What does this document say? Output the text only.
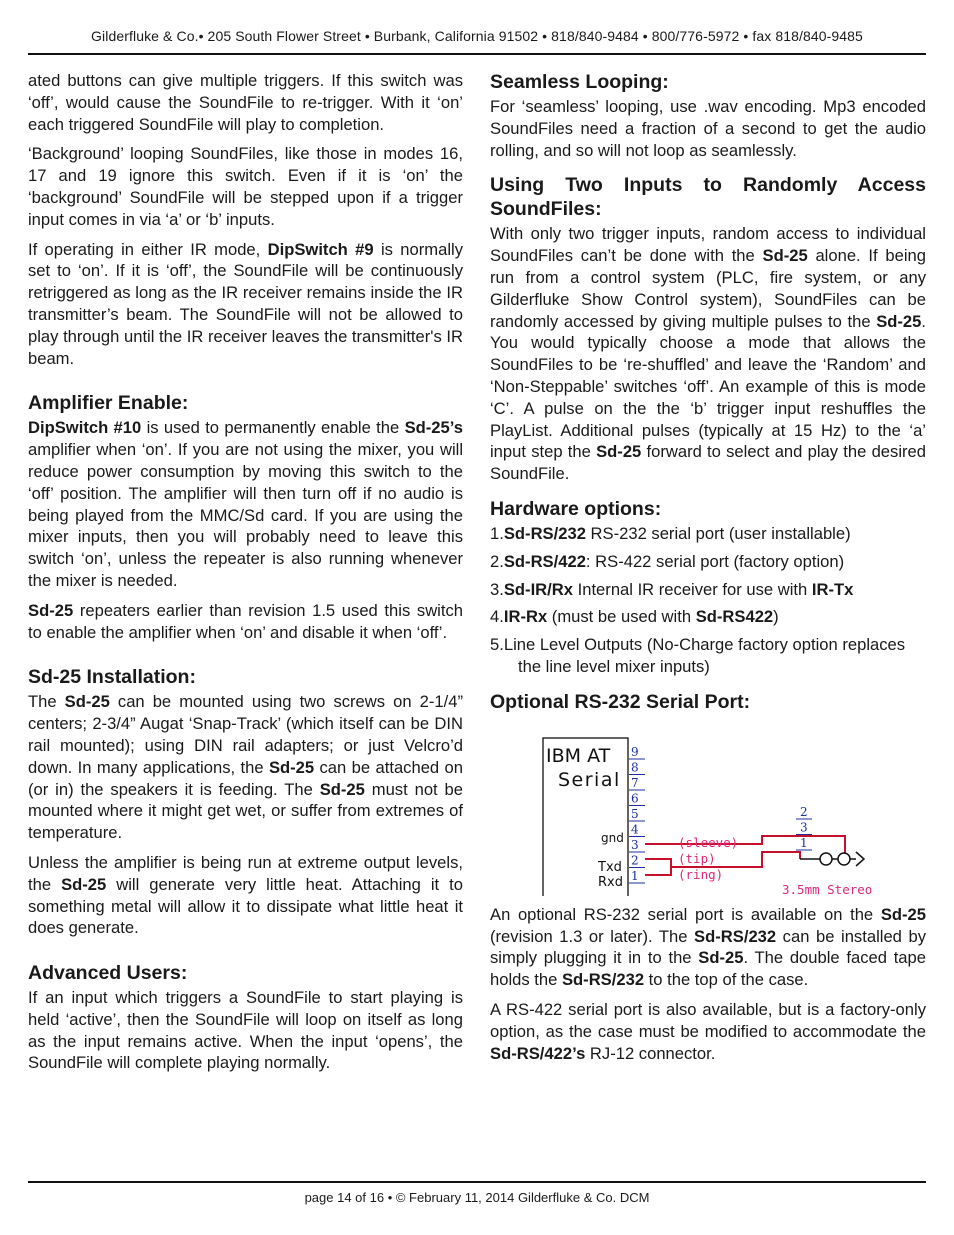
Gilderfluke & Co.• 205 South Flower Street • Burbank, California 91502 • 818/840-9484 • 800/776-5972 • fax 818/840-9485

ated buttons can give multiple triggers. If this switch was ‘off’, would cause the SoundFile to re-trigger. With it ‘on’ each triggered SoundFile will play to completion.

‘Background’ looping SoundFiles, like those in modes 16, 17 and 19 ignore this switch. Even if it is ‘on’ the ‘background’ SoundFile will be stepped upon if a trigger input comes in via ‘a’ or ‘b’ inputs.

If operating in either IR mode, DipSwitch #9 is normally set to ‘on’. If it is ‘off’, the SoundFile will be continuously retriggered as long as the IR receiver remains inside the IR transmitter’s beam. The SoundFile will not be allowed to play through until the IR receiver leaves the transmitter's IR beam.

Amplifier Enable:

DipSwitch #10 is used to permanently enable the Sd-25’s amplifier when ‘on’. If you are not using the mixer, you will reduce power consumption by moving this switch to the ‘off’ position. The amplifier will then turn off if no audio is being played from the MMC/Sd card. If you are using the mixer inputs, then you will probably need to leave this switch ‘on’, unless the repeater is also running whenever the mixer is needed.

Sd-25 repeaters earlier than revision 1.5 used this switch to enable the amplifier when ‘on’ and disable it when ‘off’.

Sd-25 Installation:

The Sd-25 can be mounted using two screws on 2-1/4” centers; 2-3/4” Augat ‘Snap-Track’ (which itself can be DIN rail mounted); using DIN rail adapters; or just Velcro’d down. In many applications, the Sd-25 can be attached on (or in) the speakers it is feeding. The Sd-25 must not be mounted where it might get wet, or suffer from extremes of temperature.

Unless the amplifier is being run at extreme output levels, the Sd-25 will generate very little heat. Attaching it to something metal will allow it to dissipate what little heat it does generate.

Advanced Users:

If an input which triggers a SoundFile to start playing is held ‘active’, then the SoundFile will loop on itself as long as the input remains active. When the input ‘opens’, the SoundFile will complete playing normally.

Seamless Looping:

For ‘seamless’ looping, use .wav encoding. Mp3 encoded SoundFiles need a fraction of a second to get the audio rolling, and so will not loop as seamlessly.

Using Two Inputs to Randomly Access SoundFiles:

With only two trigger inputs, random access to individual SoundFiles can’t be done with the Sd-25 alone. If being run from a control system (PLC, fire system, or any Gilderfluke Show Control system), SoundFiles can be randomly accessed by giving multiple pulses to the Sd-25. You would typically choose a mode that allows the SoundFiles to be ‘re-shuffled’ and leave the ‘Random’ and ‘Non-Steppable’ switches ‘off’. An example of this is mode ‘C’. A pulse on the the ‘b’ trigger input reshuffles the PlayList. Additional pulses (typically at 15 Hz) to the ‘a’ input step the Sd-25 forward to select and play the desired SoundFile.

Hardware options:
1.Sd-RS/232 RS-232 serial port (user installable)
2.Sd-RS/422: RS-422 serial port (factory option)
3.Sd-IR/Rx Internal IR receiver for use with IR-Tx
4.IR-Rx (must be used with Sd-RS422)
5.Line Level Outputs (No-Charge factory option replaces the line level mixer inputs)
Optional RS-232 Serial Port:
IBM AT
Serial
gnd
Txd
Rxd
9
8
7
6
5
4
3
2
1
(sleeve)
(tip)
(ring)
2
3
1
3.5mm Stereo

An optional RS-232 serial port is available on the Sd-25 (revision 1.3 or later). The Sd-RS/232 can be installed by simply plugging it in to the Sd-25. The double faced tape holds the Sd-RS/232 to the top of the case.

A RS-422 serial port is also available, but is a factory-only option, as the case must be modified to accommodate the Sd-RS/422’s RJ-12 connector.

page 14 of 16 • © February 11, 2014 Gilderfluke & Co. DCM
